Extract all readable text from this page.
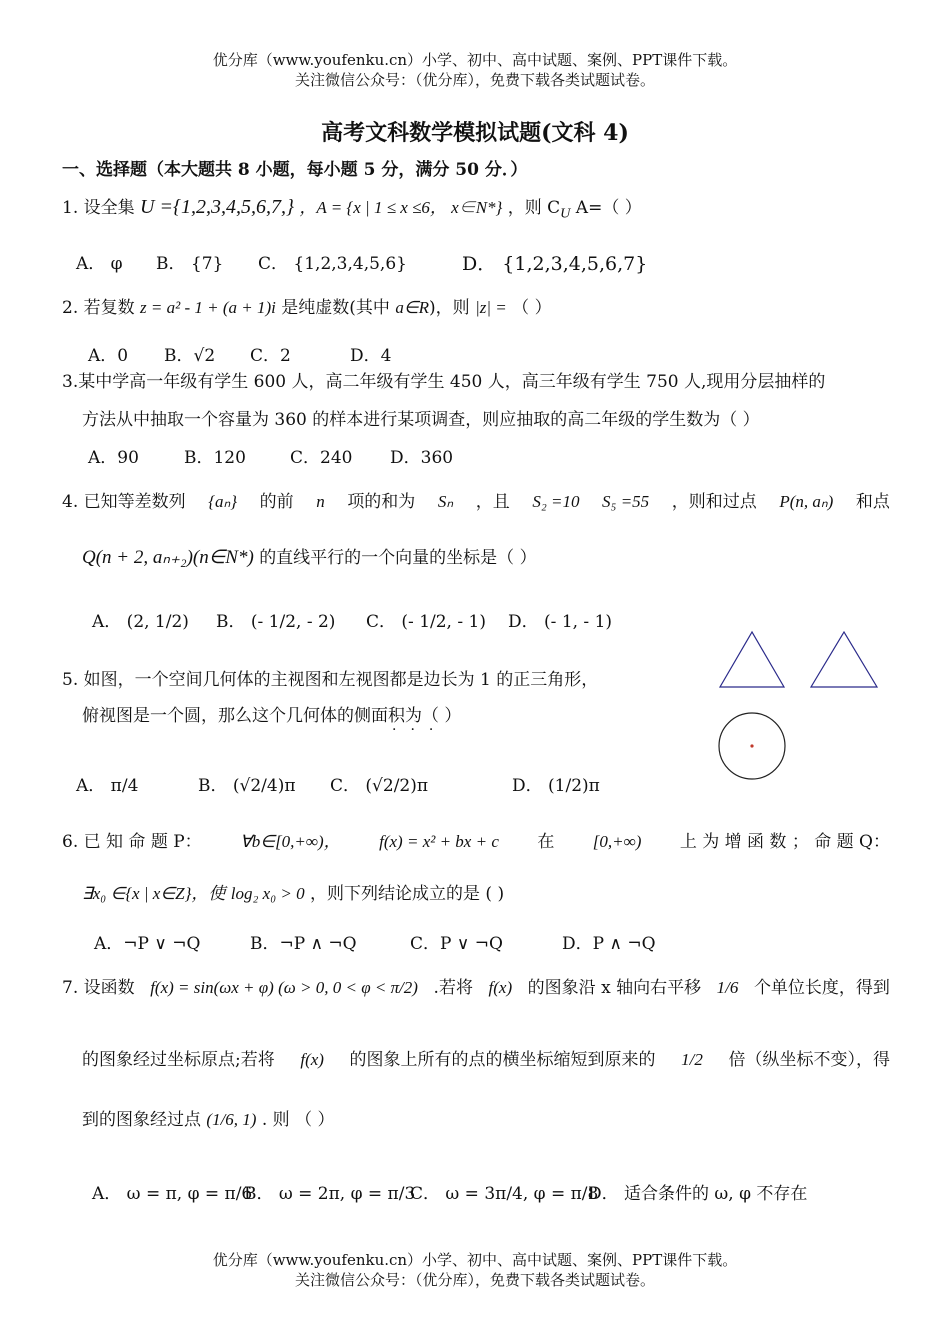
优分库（www.youfenku.cn）小学、初中、高中试题、案例、PPT课件下载。
关注微信公众号：（优分库），免费下载各类试题试卷。
高考文科数学模拟试题(文科 4)
一、选择题（本大题共 8 小题，每小题 5 分，满分 50 分．）
1. 设全集 U ={1,2,3,4,5,6,7,} ，A = {x | 1 ≤ x ≤6， x∈N*} ，则 $C_U$ A=（ ）
A． φ B． {7} C． {1,2,3,4,5,6}	D． {1,2,3,4,5,6,7}
2. 若复数 z = a² - 1 + (a + 1)i 是纯虚数(其中 a∈R)，则 |z| = （ ）
A．0 B．√2 C．2	D．4
3.某中学高一年级有学生 600 人，高二年级有学生 450 人，高三年级有学生 750 人,现用分层抽样的
方法从中抽取一个容量为 360 的样本进行某项调查，则应抽取的高二年级的学生数为（ ）
A．90	B．120	C．240 D．360
4. 已知等差数列 {aₙ} 的前 n 项的和为 Sₙ ，且 S₂ =10 S₅ =55 ，则和过点 P(n, aₙ) 和点
Q(n + 2, aₙ₊₂)(n∈N*) 的直线平行的一个向量的坐标是（ ）
A． (2, 1/2) B． (- 1/2, - 2) C． (- 1/2, - 1) D． (- 1, - 1)
5. 如图，一个空间几何体的主视图和左视图都是边长为 1 的正三角形，
俯视图是一个圆，那么这个几何体的侧面积为（ ）
···
A． π/4	B． (√2/4)π C． (√2/2)π	D． (1/2)π
6. 已 知 命 题 P： ∀b∈[0,+∞)， f(x) = x² + bx + c 在 [0,+∞) 上 为 增 函 数 ； 命 题 Q：
∃x₀ ∈{x | x∈Z}，使 log₂ x₀ > 0 ，则下列结论成立的是 ( )
A．¬P ∨ ¬Q	B．¬P ∧ ¬Q	C．P ∨ ¬Q	D．P ∧ ¬Q
7. 设函数 f(x) = sin(ωx + φ) (ω > 0, 0 < φ < π/2) .若将 f(x) 的图象沿 x 轴向右平移 1/6 个单位长度，得到
的图象经过坐标原点;若将 f(x) 的图象上所有的点的横坐标缩短到原来的 1/2 倍（纵坐标不变），得
到的图象经过点 (1/6, 1) . 则 （ ）
A． ω = π, φ = π/6
B． ω = 2π, φ = π/3
C． ω = 3π/4, φ = π/8
D． 适合条件的 ω, φ 不存在
优分库（www.youfenku.cn）小学、初中、高中试题、案例、PPT课件下载。
关注微信公众号：（优分库），免费下载各类试题试卷。
